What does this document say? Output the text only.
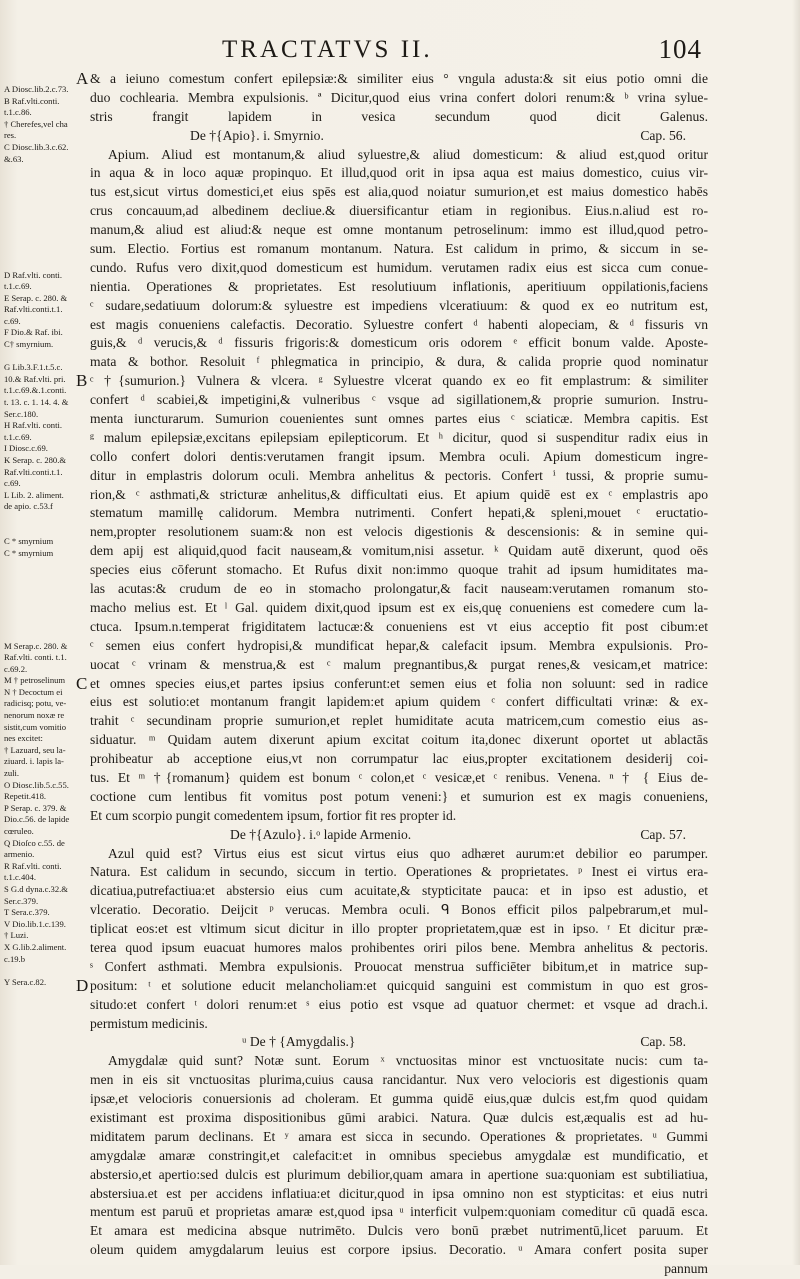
TRACTATVS II.	104
A Diosc.lib.2.c.73.
B Raf.vlti.conti.
t.1.c.86.
† Cherefes,vel cha
res.
C Diosc.lib.3.c.62.
&.63.

D Raf.vlti. conti.
t.1.c.69.
E Serap. c. 280. &
Raf.vlti.conti.t.1.
c.69.
F Dio.& Raf. ibi.
C† smyrnium.

G Lib.3.F.1.t.5.c.
10.& Raf.vlti. pri.
t.1.c.69.&.1.conti.
t. 13. c. 1. 14. 4. &
Ser.c.180.
H Raf.vlti. conti.
t.1.c.69.
I Diosc.c.69.
K Serap. c. 280.&
Raf.vlti.conti.t.1.
c.69.
L Lib. 2. aliment.
de apio. c.53.f

C * smyrnium
C * smyrnium

M Serap.c. 280. &
Raf.vlti. conti. t.1.
c.69.2.
M † petroselinum
N † Decoctum ei
radicisq; potu, ve-
nenorum noxæ re
sistit,cum vomitio
nes excitet:
† Lazuard, seu la-
ziuard. i. lapis la-
zuli.
O Diosc.lib.5.c.55.
Repetit.418.
P Serap. c. 379. &
Dio.c.56. de lapide
cœruleo.
Q Dioſco c.55. de
armenio.
R Raf.vlti. conti.
t.1.c.404.
S G.d dyna.c.32.&
Ser.c.379.
T Sera.c.379.
V Dio.lib.1.c.139.
† Luzi.
X G.lib.2.aliment.
c.19.b

Y Sera.c.82.
A & a ieiuno comestum confert epilepsiæ:& similiter eius ° vngula adusta:& sit eius potio omni die
duo cochlearia. Membra expulsionis. ª Dicitur,quod eius vrina confert dolori renum:& ᵇ vrina sylue-
stris frangit lapidem in vesica secundum quod dicit Galenus.
De †{Apio}. i. Smyrnio.	Cap. 56.
Apium. Aliud est montanum,& aliud syluestre,& aliud domesticum: & aliud est,quod oritur
in aqua & in loco aquæ propinquo. Et illud,quod orit in ipsa aqua est maius domestico, cuius vir-
tus est,sicut virtus domestici,et eius spēs est alia,quod noiatur sumurion,et est maius domestico habēs
crus concauum,ad albedinem decliue.& diuersificantur etiam in regionibus. Eius.n.aliud est ro-
manum,& aliud est aliud:& neque est omne montanum petroselinum: immo est illud,quod petro-
sum. Electio. Fortius est romanum montanum. Natura. Est calidum in primo, & siccum in se-
cundo. Rufus vero dixit,quod domesticum est humidum. verutamen radix eius est sicca cum conue-
nientia. Operationes & proprietates. Est resolutiuum inflationis, aperitiuum oppilationis,faciens
ᶜ sudare,sedatiuum dolorum:& syluestre est impediens vlceratiuum: & quod ex eo nutritum est,
est magis conueniens calefactis. Decoratio. Syluestre confert ᵈ habenti alopeciam, & ᵈ fissuris vn
guis,& ᵈ verucis,& ᵈ fissuris frigoris:& domesticum oris odorem ᵉ efficit bonum valde. Aposte-
mata & bothor. Resoluit ᶠ phlegmatica in principio, & dura, & calida proprie quod nominatur
B ᶜ †{sumurion.} Vulnera & vlcera. ᵍ Syluestre vlcerat quando ex eo fit emplastrum: & similiter
confert ᵈ scabiei,& impetigini,& vulneribus ᶜ vsque ad sigillationem,& proprie sumurion. Instru-
menta iuncturarum. Sumurion couenientes sunt omnes partes eius ᶜ sciaticæ. Membra capitis. Est
ᵍ malum epilepsiæ,excitans epilepsiam epilepticorum. Et ʰ dicitur, quod si suspenditur radix eius in
collo confert dolori dentis:verutamen frangit ipsum. Membra oculi. Apium domesticum ingre-
ditur in emplastris dolorum oculi. Membra anhelitus & pectoris. Confert ⁱ tussi, & proprie sumu-
rion,& ᶜ asthmati,& stricturæ anhelitus,& difficultati eius. Et apium quidē est ex ᶜ emplastris apo
stematum mamillę calidorum. Membra nutrimenti. Confert hepati,& spleni,mouet ᶜ eructatio-
nem,propter resolutionem suam:& non est velocis digestionis & descensionis: & in semine qui-
dem apij est aliquid,quod facit nauseam,& vomitum,nisi assetur. ᵏ Quidam autē dixerunt, quod oēs
species eius cōferunt stomacho. Et Rufus dixit non:immo quoque trahit ad ipsum humiditates ma-
las acutas:& crudum de eo in stomacho prolongatur,& facit nauseam:verutamen romanum sto-
macho melius est. Et ˡ Gal. quidem dixit,quod ipsum est ex eis,quę conueniens est comedere cum la-
ctuca. Ipsum.n.temperat frigiditatem lactucæ:& conueniens est vt eius acceptio fit post cibum:et
ᶜ semen eius confert hydropisi,& mundificat hepar,& calefacit ipsum. Membra expulsionis. Pro-
uocat ᶜ vrinam & menstrua,& est ᶜ malum pregnantibus,& purgat renes,& vesicam,et matrice:
C et omnes species eius,et partes ipsius conferunt:et semen eius et folia non soluunt: sed in radice
eius est solutio:et montanum frangit lapidem:et apium quidem ᶜ confert difficultati vrinæ: & ex-
trahit ᶜ secundinam proprie sumurion,et replet humiditate acuta matricem,cum comestio eius as-
siduatur. ᵐ Quidam autem dixerunt apium excitat coitum ita,donec dixerunt oportet ut ablactās
prohibeatur ab acceptione eius,vt non corrumpatur lac eius,propter excitationem desiderij coi-
tus. Et ᵐ †{romanum} quidem est bonum ᶜ colon,et ᶜ vesicæ,et ᶜ renibus. Venena. ⁿ † { Eius de-
coctione cum lentibus fit vomitus post potum veneni:} et sumurion est ex magis conueniens,
Et cum scorpio pungit comedentem ipsum, fortior fit res propter id.
De †{Azulo}. i.ᵒ lapide Armenio.	Cap. 57.
Azul quid est? Virtus eius est sicut virtus eius quo adhæret aurum:et debilior eo parumper.
Natura. Est calidum in secundo, siccum in tertio. Operationes & proprietates. ᵖ Inest ei virtus era-
dicatiua,putrefactiua:et abstersio eius cum acuitate,& stypticitate pauca: et in ipso est adustio, et
vlceratio. Decoratio. Deijcit ᵖ verucas. Membra oculi. ᑫ Bonos efficit pilos palpebrarum,et mul-
tiplicat eos:et est vltimum sicut dicitur in illo propter proprietatem,quæ est in ipso. ʳ Et dicitur præ-
terea quod ipsum euacuat humores malos prohibentes oriri pilos bene. Membra anhelitus & pectoris.
ˢ Confert asthmati. Membra expulsionis. Prouocat menstrua sufficiēter bibitum,et in matrice sup-
D positum: ᵗ et solutione educit melancholiam:et quicquid sanguini est commistum in quo est gros-
situdo:et confert ᵗ dolori renum:et ˢ eius potio est vsque ad quatuor chermet: et vsque ad drach.i.
permistum medicinis.
ᵘ De † {Amygdalis.}	Cap. 58.
Amygdalæ quid sunt? Notæ sunt. Eorum ˣ vnctuositas minor est vnctuositate nucis: cum ta-
men in eis sit vnctuositas plurima,cuius causa rancidantur. Nux vero velocioris est digestionis quam
ipsæ,et velocioris conuersionis ad choleram. Et gumma quidē eius,quæ dulcis est,fm quod quidam
existimant est proxima dispositionibus gūmi arabici. Natura. Quæ dulcis est,æqualis est ad hu-
miditatem parum declinans. Et ʸ amara est sicca in secundo. Operationes & proprietates. ᵘ Gummi
amygdalæ amaræ constringit,et calefacit:et in omnibus speciebus amygdalæ est mundificatio, et
abstersio,et apertio:sed dulcis est plurimum debilior,quam amara in apertione sua:quoniam est subtiliatiua,
abstersiua.et est per accidens inflatiua:et dicitur,quod in ipsa omnino non est stypticitas: et eius nutri
mentum est paruū et proprietas amaræ est,quod ipsa ᵘ interficit vulpem:quoniam comeditur cū quadā esca.
Et amara est medicina absque nutrimēto. Dulcis vero bonū præbet nutrimentū,licet paruum. Et
oleum quidem amygdalarum leuius est corpore ipsius. Decoratio. ᵘ Amara confert posita super
pannum
